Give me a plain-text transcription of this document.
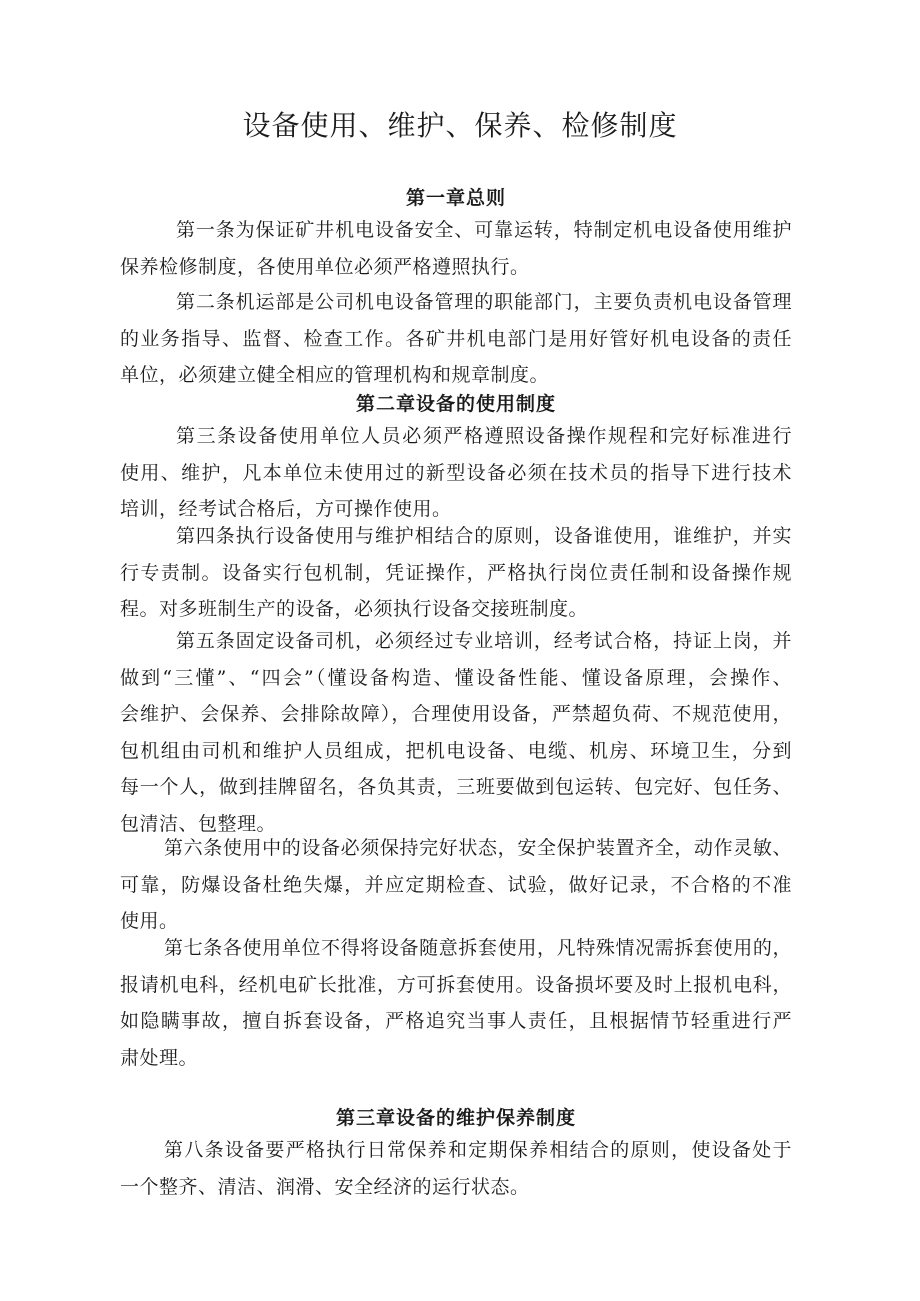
设备使用、维护、保养、检修制度
第一章总则

第一条为保证矿井机电设备安全、可靠运转，特制定机电设备使用维护
保养检修制度，各使用单位必须严格遵照执行。

第二条机运部是公司机电设备管理的职能部门，主要负责机电设备管理
的业务指导、监督、检查工作。各矿井机电部门是用好管好机电设备的责任
单位，必须建立健全相应的管理机构和规章制度。

第二章设备的使用制度

第三条设备使用单位人员必须严格遵照设备操作规程和完好标准进行
使用、维护，凡本单位未使用过的新型设备必须在技术员的指导下进行技术
培训，经考试合格后，方可操作使用。

第四条执行设备使用与维护相结合的原则，设备谁使用，谁维护，并实
行专责制。设备实行包机制，凭证操作，严格执行岗位责任制和设备操作规
程。对多班制生产的设备，必须执行设备交接班制度。

第五条固定设备司机，必须经过专业培训，经考试合格，持证上岗，并
做到“三懂”、“四会”（懂设备构造、懂设备性能、懂设备原理，会操作、
会维护、会保养、会排除故障），合理使用设备，严禁超负荷、不规范使用，
包机组由司机和维护人员组成，把机电设备、电缆、机房、环境卫生，分到
每一个人，做到挂牌留名，各负其责，三班要做到包运转、包完好、包任务、
包清洁、包整理。

第六条使用中的设备必须保持完好状态，安全保护装置齐全，动作灵敏、
可靠，防爆设备杜绝失爆，并应定期检查、试验，做好记录，不合格的不准
使用。

第七条各使用单位不得将设备随意拆套使用，凡特殊情况需拆套使用的，
报请机电科，经机电矿长批准，方可拆套使用。设备损坏要及时上报机电科，
如隐瞒事故，擅自拆套设备，严格追究当事人责任，且根据情节轻重进行严
肃处理。

第三章设备的维护保养制度

第八条设备要严格执行日常保养和定期保养相结合的原则，使设备处于
一个整齐、清洁、润滑、安全经济的运行状态。
